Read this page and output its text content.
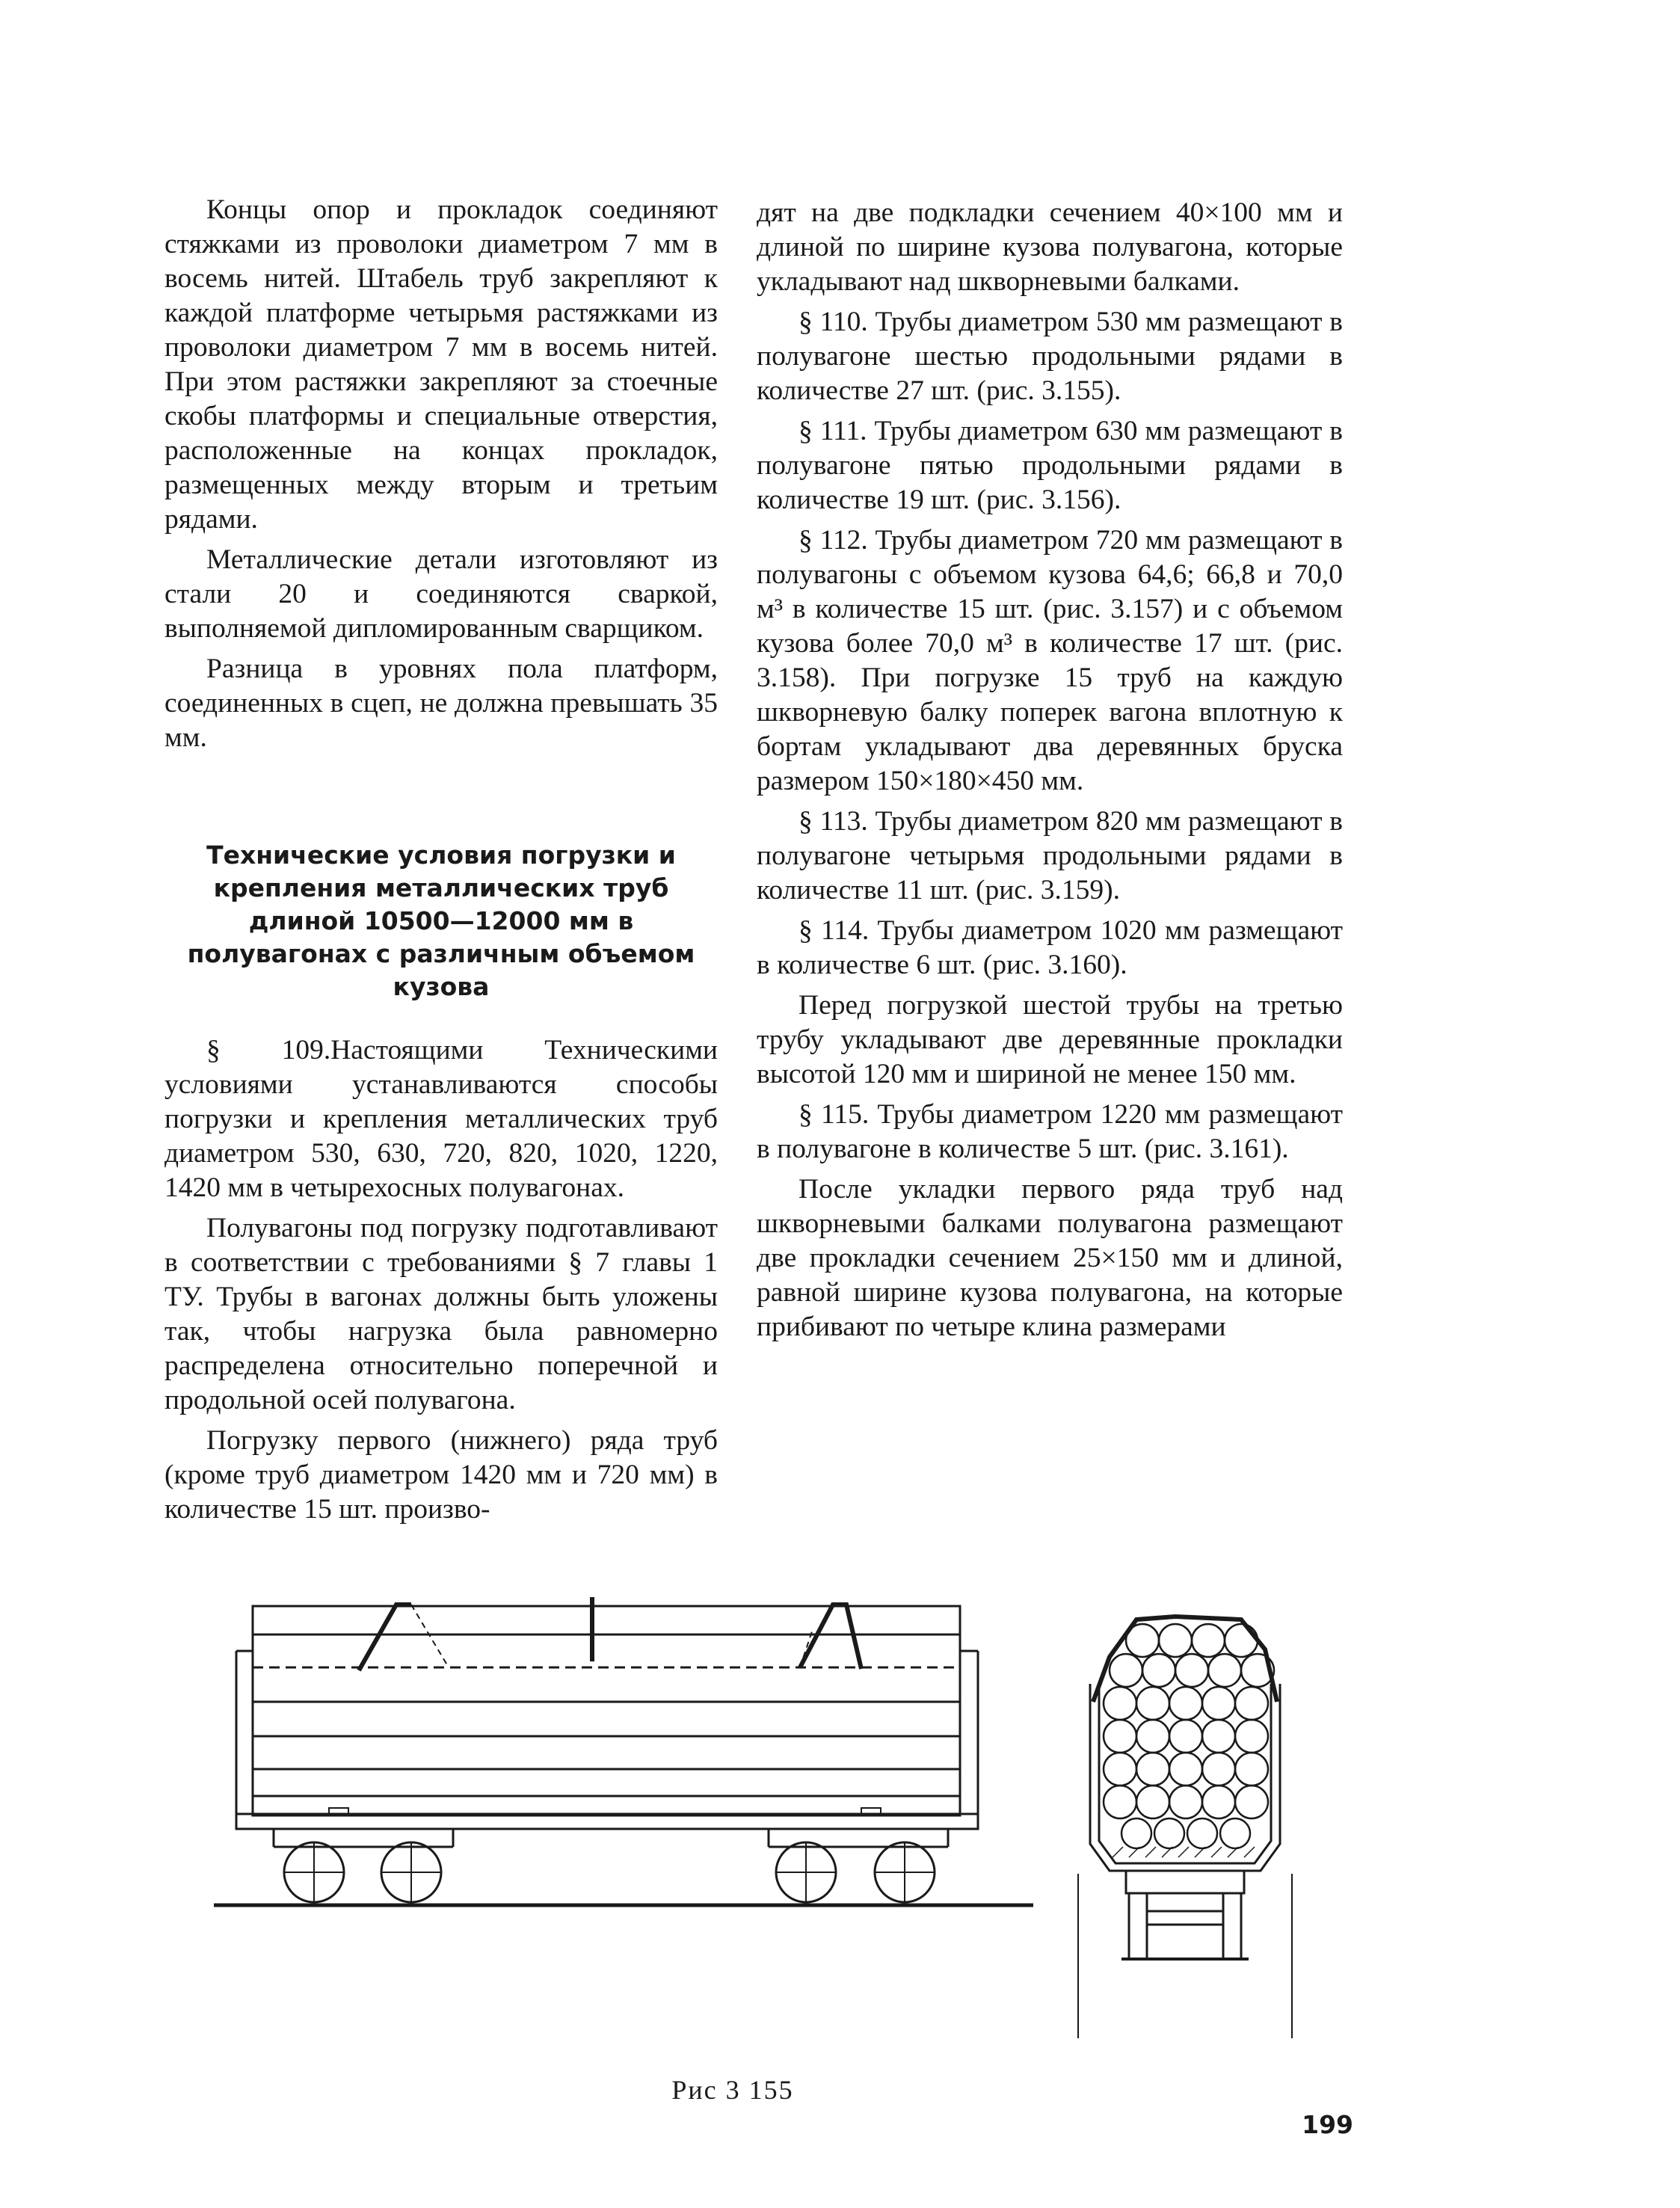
Концы опор и прокладок соединяют стяжками из проволоки диаметром 7 мм в восемь нитей. Штабель труб закрепляют к каждой платформе четырьмя растяжками из проволоки диаметром 7 мм в восемь нитей. При этом растяжки закрепляют за стоечные скобы платформы и специальные отверстия, расположенные на концах прокладок, размещенных между вторым и третьим рядами.

Металлические детали изготовляют из стали 20 и соединяются сваркой, выполняемой дипломированным сварщиком.

Разница в уровнях пола платформ, соединенных в сцеп, не должна превышать 35 мм.

Технические условия погрузки и крепления металлических труб длиной 10500—12000 мм в полувагонах с различным объемом кузова

§ 109.Настоящими Техническими условиями устанавливаются способы погрузки и крепления металлических труб диаметром 530, 630, 720, 820, 1020, 1220, 1420 мм в четырехосных полувагонах.

Полувагоны под погрузку подготавливают в соответствии с требованиями § 7 главы 1 ТУ. Трубы в вагонах должны быть уложены так, чтобы нагрузка была равномерно распределена относительно поперечной и продольной осей полувагона.

Погрузку первого (нижнего) ряда труб (кроме труб диаметром 1420 мм и 720 мм) в количестве 15 шт. произво-

дят на две подкладки сечением 40×100 мм и длиной по ширине кузова полувагона, которые укладывают над шкворневыми балками.

§ 110. Трубы диаметром 530 мм размещают в полувагоне шестью продольными рядами в количестве 27 шт. (рис. 3.155).

§ 111. Трубы диаметром 630 мм размещают в полувагоне пятью продольными рядами в количестве 19 шт. (рис. 3.156).

§ 112. Трубы диаметром 720 мм размещают в полувагоны с объемом кузова 64,6; 66,8 и 70,0 м³ в количестве 15 шт. (рис. 3.157) и с объемом кузова более 70,0 м³ в количестве 17 шт. (рис. 3.158). При погрузке 15 труб на каждую шкворневую балку поперек вагона вплотную к бортам укладывают два деревянных бруска размером 150×180×450 мм.

§ 113. Трубы диаметром 820 мм размещают в полувагоне четырьмя продольными рядами в количестве 11 шт. (рис. 3.159).

§ 114. Трубы диаметром 1020 мм размещают в количестве 6 шт. (рис. 3.160).

Перед погрузкой шестой трубы на третью трубу укладывают две деревянные прокладки высотой 120 мм и шириной не менее 150 мм.

§ 115. Трубы диаметром 1220 мм размещают в полувагоне в количестве 5 шт. (рис. 3.161).

После укладки первого ряда труб над шкворневыми балками полувагона размещают две прокладки сечением 25×150 мм и длиной, равной ширине кузова полувагона, на которые прибивают по четыре клина размерами

Рис 3 155
199
